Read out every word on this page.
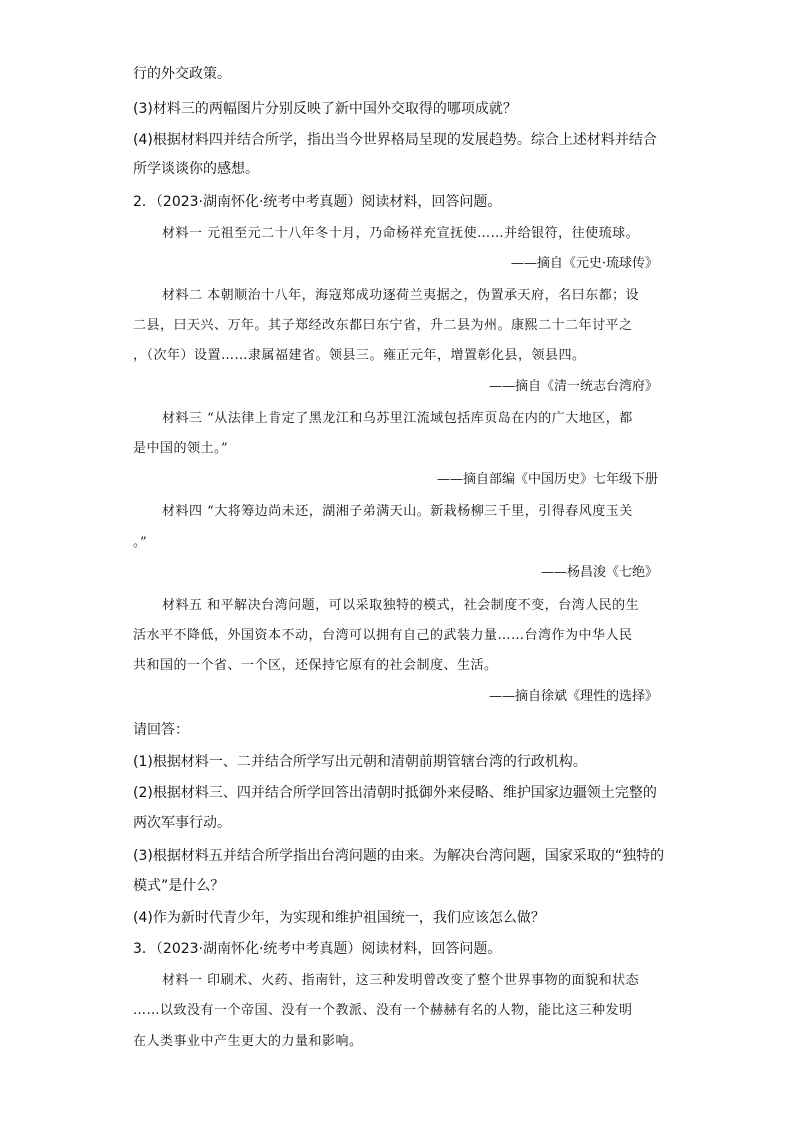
行的外交政策。
(3)材料三的两幅图片分别反映了新中国外交取得的哪项成就？
(4)根据材料四并结合所学，指出当今世界格局呈现的发展趋势。综合上述材料并结合
所学谈谈你的感想。
2．（2023·湖南怀化·统考中考真题）阅读材料，回答问题。
材料一 元祖至元二十八年冬十月，乃命杨祥充宣抚使……并给银符，往使琉球。
——摘自《元史·琉球传》
材料二 本朝顺治十八年，海寇郑成功逐荷兰夷据之，伪置承天府，名曰东都；设
二县，曰天兴、万年。其子郑经改东都曰东宁省，升二县为州。康熙二十二年讨平之
，（次年）设置……隶属福建省。领县三。雍正元年，增置彰化县，领县四。
——摘自《清一统志台湾府》
材料三 “从法律上肯定了黑龙江和乌苏里江流域包括库页岛在内的广大地区，都
是中国的领土。”
——摘自部编《中国历史》七年级下册
材料四 “大将筹边尚未还，湖湘子弟满天山。新栽杨柳三千里，引得春风度玉关
。”
——杨昌浚《七绝》
材料五 和平解决台湾问题，可以采取独特的模式，社会制度不变，台湾人民的生
活水平不降低，外国资本不动，台湾可以拥有自己的武装力量……台湾作为中华人民
共和国的一个省、一个区，还保持它原有的社会制度、生活。
——摘自徐斌《理性的选择》
请回答：
(1)根据材料一、二并结合所学写出元朝和清朝前期管辖台湾的行政机构。
(2)根据材料三、四并结合所学回答出清朝时抵御外来侵略、维护国家边疆领土完整的
两次军事行动。
(3)根据材料五并结合所学指出台湾问题的由来。为解决台湾问题，国家采取的“独特的
模式”是什么？
(4)作为新时代青少年，为实现和维护祖国统一，我们应该怎么做？
3．（2023·湖南怀化·统考中考真题）阅读材料，回答问题。
材料一 印刷术、火药、指南针，这三种发明曾改变了整个世界事物的面貌和状态
……以致没有一个帝国、没有一个教派、没有一个赫赫有名的人物，能比这三种发明
在人类事业中产生更大的力量和影响。
